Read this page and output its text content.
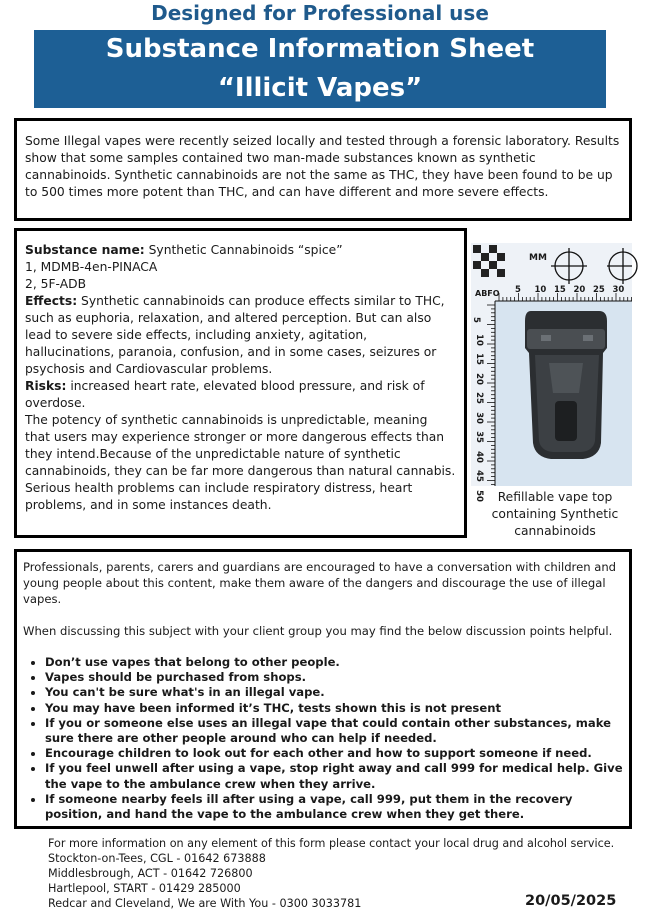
Designed for Professional use
Substance Information Sheet
“Illicit Vapes”
Some Illegal vapes were recently seized locally and tested through a forensic laboratory. Results show that some samples contained two man-made substances known as synthetic cannabinoids. Synthetic cannabinoids are not the same as THC, they have been found to be up to 500 times more potent than THC, and can have different and more severe effects.

Substance name: Synthetic Cannabinoids “spice”

1, MDMB-4en-PINACA

2, 5F-ADB

Effects: Synthetic cannabinoids can produce effects similar to THC, such as euphoria, relaxation, and altered perception. But can also lead to severe side effects, including anxiety, agitation, hallucinations, paranoia, confusion, and in some cases, seizures or psychosis and Cardiovascular problems.

Risks: increased heart rate, elevated blood pressure, and risk of overdose.

The potency of synthetic cannabinoids is unpredictable, meaning that users may experience stronger or more dangerous effects than they intend.Because of the unpredictable nature of synthetic cannabinoids, they can be far more dangerous than natural cannabis. Serious health problems can include respiratory distress, heart problems, and in some instances death.

MM
5 10 15 20 25 30
ABFO
5
10
15
20
25
30
35
40
45
50	Refillable vape top containing Synthetic cannabinoids

Professionals, parents, carers and guardians are encouraged to have a conversation with children and young people about this content, make them aware of the dangers and discourage the use of illegal vapes.

When discussing this subject with your client group you may find the below discussion points helpful.

• Don’t use vapes that belong to other people.
• Vapes should be purchased from shops.
• You can't be sure what's in an illegal vape.
• You may have been informed it’s THC, tests shown this is not present
• If you or someone else uses an illegal vape that could contain other substances, make sure there are other people around who can help if needed.
• Encourage children to look out for each other and how to support someone if need.
• If you feel unwell after using a vape, stop right away and call 999 for medical help. Give the vape to the ambulance crew when they arrive.
• If someone nearby feels ill after using a vape, call 999, put them in the recovery position, and hand the vape to the ambulance crew when they get there.
For more information on any element of this form please contact your local drug and alcohol service.
Stockton-on-Tees, CGL - 01642 673888
Middlesbrough, ACT - 01642 726800
Hartlepool, START - 01429 285000
Redcar and Cleveland, We are With You - 0300 3033781	20/05/2025
